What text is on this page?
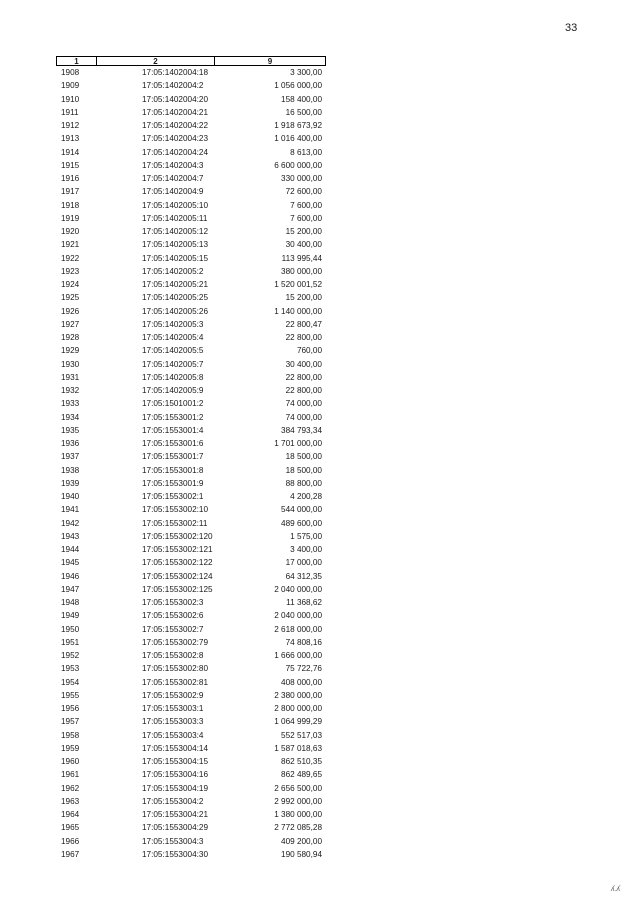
33
1	2	9
1908	17:05:1402004:18	3 300,00
1909	17:05:1402004:2	1 056 000,00
1910	17:05:1402004:20	158 400,00
1911	17:05:1402004:21	16 500,00
1912	17:05:1402004:22	1 918 673,92
1913	17:05:1402004:23	1 016 400,00
1914	17:05:1402004:24	8 613,00
1915	17:05:1402004:3	6 600 000,00
1916	17:05:1402004:7	330 000,00
1917	17:05:1402004:9	72 600,00
1918	17:05:1402005:10	7 600,00
1919	17:05:1402005:11	7 600,00
1920	17:05:1402005:12	15 200,00
1921	17:05:1402005:13	30 400,00
1922	17:05:1402005:15	113 995,44
1923	17:05:1402005:2	380 000,00
1924	17:05:1402005:21	1 520 001,52
1925	17:05:1402005:25	15 200,00
1926	17:05:1402005:26	1 140 000,00
1927	17:05:1402005:3	22 800,47
1928	17:05:1402005:4	22 800,00
1929	17:05:1402005:5	760,00
1930	17:05:1402005:7	30 400,00
1931	17:05:1402005:8	22 800,00
1932	17:05:1402005:9	22 800,00
1933	17:05:1501001:2	74 000,00
1934	17:05:1553001:2	74 000,00
1935	17:05:1553001:4	384 793,34
1936	17:05:1553001:6	1 701 000,00
1937	17:05:1553001:7	18 500,00
1938	17:05:1553001:8	18 500,00
1939	17:05:1553001:9	88 800,00
1940	17:05:1553002:1	4 200,28
1941	17:05:1553002:10	544 000,00
1942	17:05:1553002:11	489 600,00
1943	17:05:1553002:120	1 575,00
1944	17:05:1553002:121	3 400,00
1945	17:05:1553002:122	17 000,00
1946	17:05:1553002:124	64 312,35
1947	17:05:1553002:125	2 040 000,00
1948	17:05:1553002:3	11 368,62
1949	17:05:1553002:6	2 040 000,00
1950	17:05:1553002:7	2 618 000,00
1951	17:05:1553002:79	74 808,16
1952	17:05:1553002:8	1 666 000,00
1953	17:05:1553002:80	75 722,76
1954	17:05:1553002:81	408 000,00
1955	17:05:1553002:9	2 380 000,00
1956	17:05:1553003:1	2 800 000,00
1957	17:05:1553003:3	1 064 999,29
1958	17:05:1553003:4	552 517,03
1959	17:05:1553004:14	1 587 018,63
1960	17:05:1553004:15	862 510,35
1961	17:05:1553004:16	862 489,65
1962	17:05:1553004:19	2 656 500,00
1963	17:05:1553004:2	2 992 000,00
1964	17:05:1553004:21	1 380 000,00
1965	17:05:1553004:29	2 772 085,28
1966	17:05:1553004:3	409 200,00
1967	17:05:1553004:30	190 580,94
ʎ.ʎ
